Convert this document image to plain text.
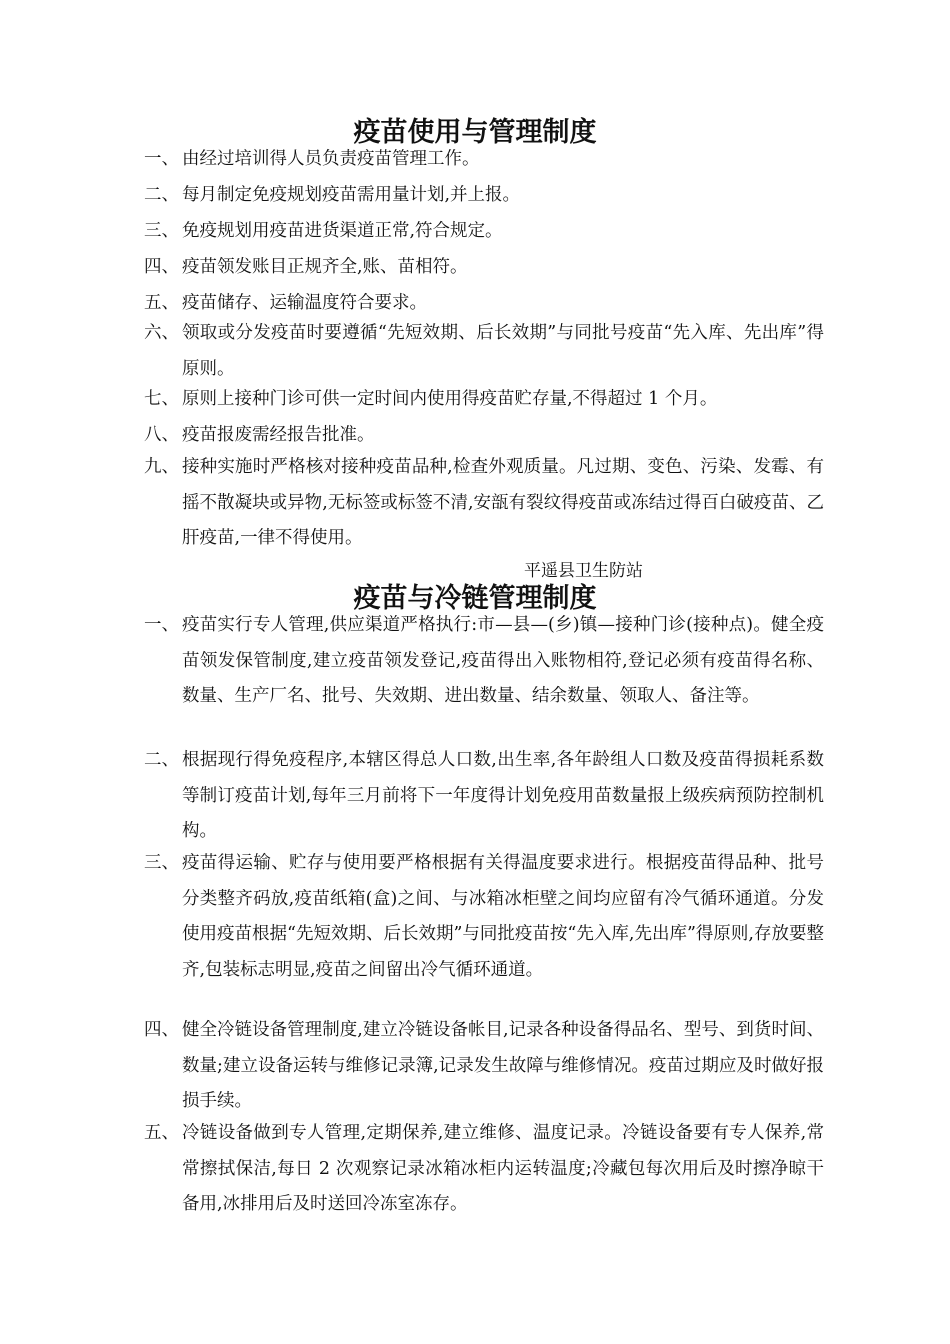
疫苗使用与管理制度
一、 由经过培训得人员负责疫苗管理工作。
二、 每月制定免疫规划疫苗需用量计划,并上报。
三、 免疫规划用疫苗进货渠道正常,符合规定。
四、 疫苗领发账目正规齐全,账、苗相符。
五、 疫苗储存、运输温度符合要求。
六、 领取或分发疫苗时要遵循“先短效期、后长效期”与同批号疫苗“先入库、先出库”得原则。
七、 原则上接种门诊可供一定时间内使用得疫苗贮存量,不得超过 1 个月。
八、 疫苗报废需经报告批准。
九、 接种实施时严格核对接种疫苗品种,检查外观质量。凡过期、变色、污染、发霉、有摇不散凝块或异物,无标签或标签不清,安瓿有裂纹得疫苗或冻结过得百白破疫苗、乙肝疫苗,一律不得使用。
平遥县卫生防站
疫苗与冷链管理制度
一、 疫苗实行专人管理,供应渠道严格执行:市—县—(乡)镇—接种门诊(接种点)。健全疫苗领发保管制度,建立疫苗领发登记,疫苗得出入账物相符,登记必须有疫苗得名称、数量、生产厂名、批号、失效期、进出数量、结余数量、领取人、备注等。
二、 根据现行得免疫程序,本辖区得总人口数,出生率,各年龄组人口数及疫苗得损耗系数等制订疫苗计划,每年三月前将下一年度得计划免疫用苗数量报上级疾病预防控制机构。
三、 疫苗得运输、贮存与使用要严格根据有关得温度要求进行。根据疫苗得品种、批号分类整齐码放,疫苗纸箱(盒)之间、与冰箱冰柜壁之间均应留有冷气循环通道。分发使用疫苗根据“先短效期、后长效期”与同批疫苗按“先入库,先出库”得原则,存放要整齐,包装标志明显,疫苗之间留出冷气循环通道。
四、 健全冷链设备管理制度,建立冷链设备帐目,记录各种设备得品名、型号、到货时间、数量;建立设备运转与维修记录簿,记录发生故障与维修情况。疫苗过期应及时做好报损手续。
五、 冷链设备做到专人管理,定期保养,建立维修、温度记录。冷链设备要有专人保养,常常擦拭保洁,每日 2 次观察记录冰箱冰柜内运转温度;冷藏包每次用后及时擦净晾干备用,冰排用后及时送回冷冻室冻存。
